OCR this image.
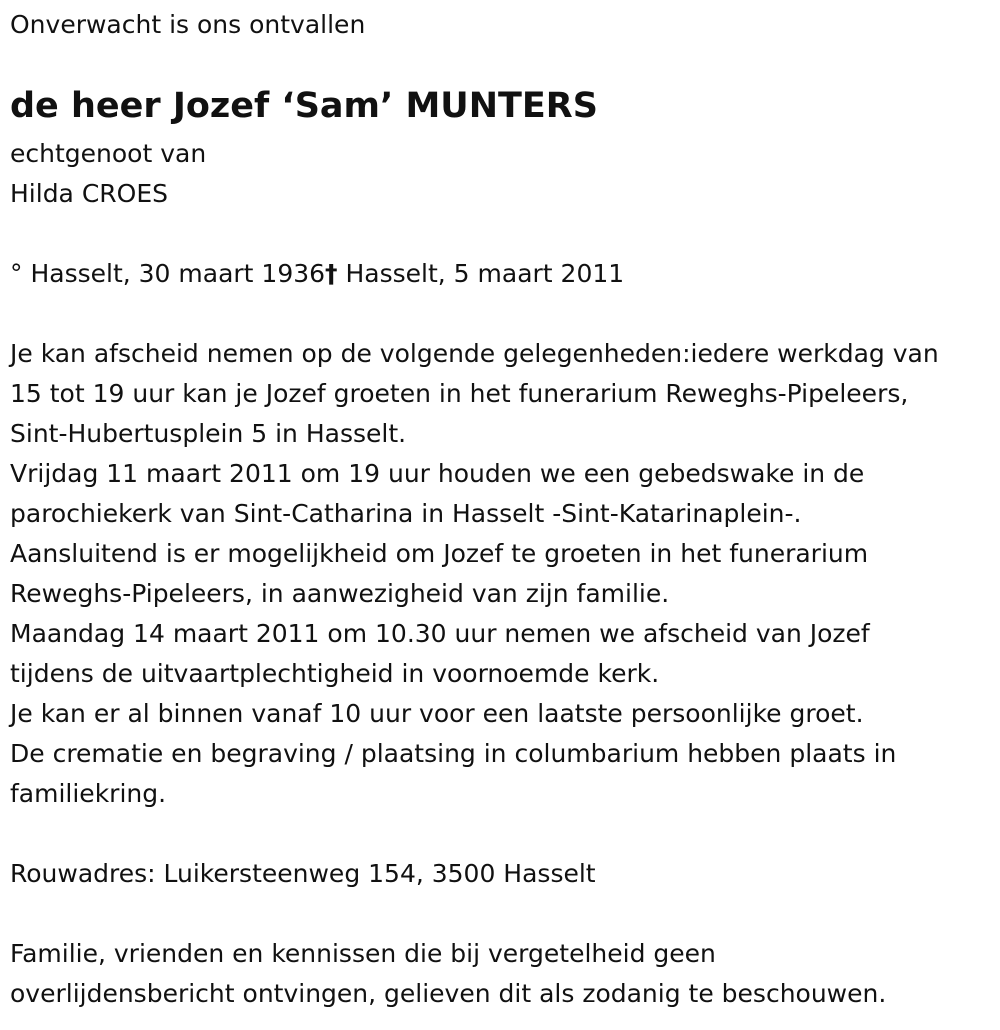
Onverwacht is ons ontvallen
de heer Jozef ‘Sam’ MUNTERS
echtgenoot van
Hilda CROES
° Hasselt, 30 maart 1936† Hasselt, 5 maart 2011
Je kan afscheid nemen op de volgende gelegenheden:iedere werkdag van
15 tot 19 uur kan je Jozef groeten in het funerarium Reweghs-Pipeleers,
Sint-Hubertusplein 5 in Hasselt.
Vrijdag 11 maart 2011 om 19 uur houden we een gebedswake in de
parochiekerk van Sint-Catharina in Hasselt -Sint-Katarinaplein-.
Aansluitend is er mogelijkheid om Jozef te groeten in het funerarium
Reweghs-Pipeleers, in aanwezigheid van zijn familie.
Maandag 14 maart 2011 om 10.30 uur nemen we afscheid van Jozef
tijdens de uitvaartplechtigheid in voornoemde kerk.
Je kan er al binnen vanaf 10 uur voor een laatste persoonlijke groet.
De crematie en begraving / plaatsing in columbarium hebben plaats in
familiekring.
Rouwadres: Luikersteenweg 154, 3500 Hasselt
Familie, vrienden en kennissen die bij vergetelheid geen
overlijdensbericht ontvingen, gelieven dit als zodanig te beschouwen.
